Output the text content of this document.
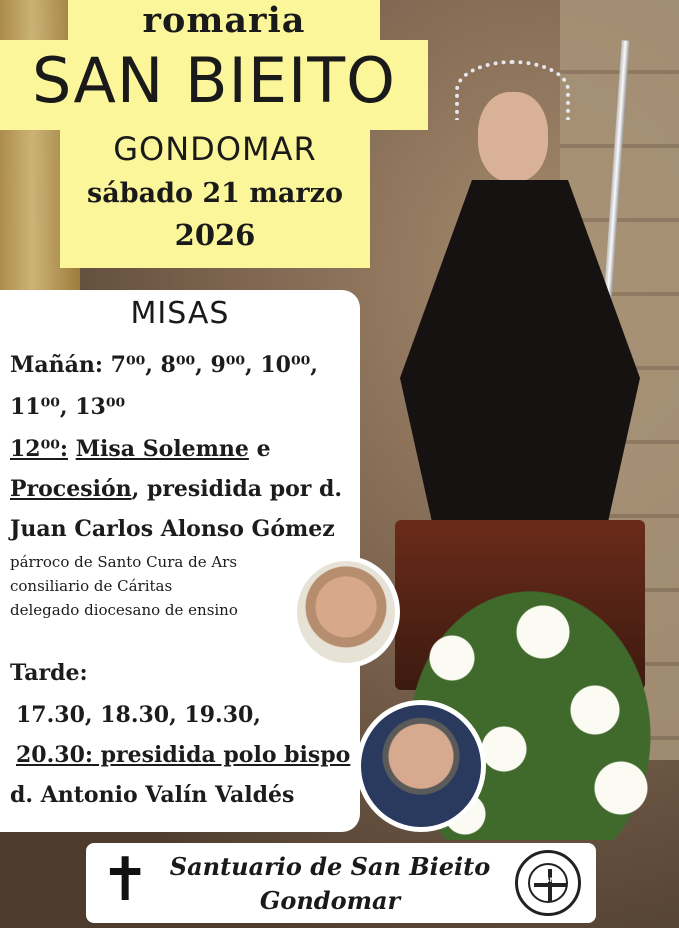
romaria
SAN BIEITO
GONDOMAR
sábado 21 marzo
2026
MISAS
Mañán: 7⁰⁰, 8⁰⁰, 9⁰⁰, 10⁰⁰,
11⁰⁰, 13⁰⁰
12⁰⁰: Misa Solemne e
Procesión, presidida por d.
Juan Carlos Alonso Gómez
párroco de Santo Cura de Ars
consiliario de Cáritas
delegado diocesano de ensino
Tarde:
17.30, 18.30, 19.30,
20.30: presidida polo bispo
d. Antonio Valín Valdés
✝ Santuario de San Bieito
Gondomar
NDSMD
